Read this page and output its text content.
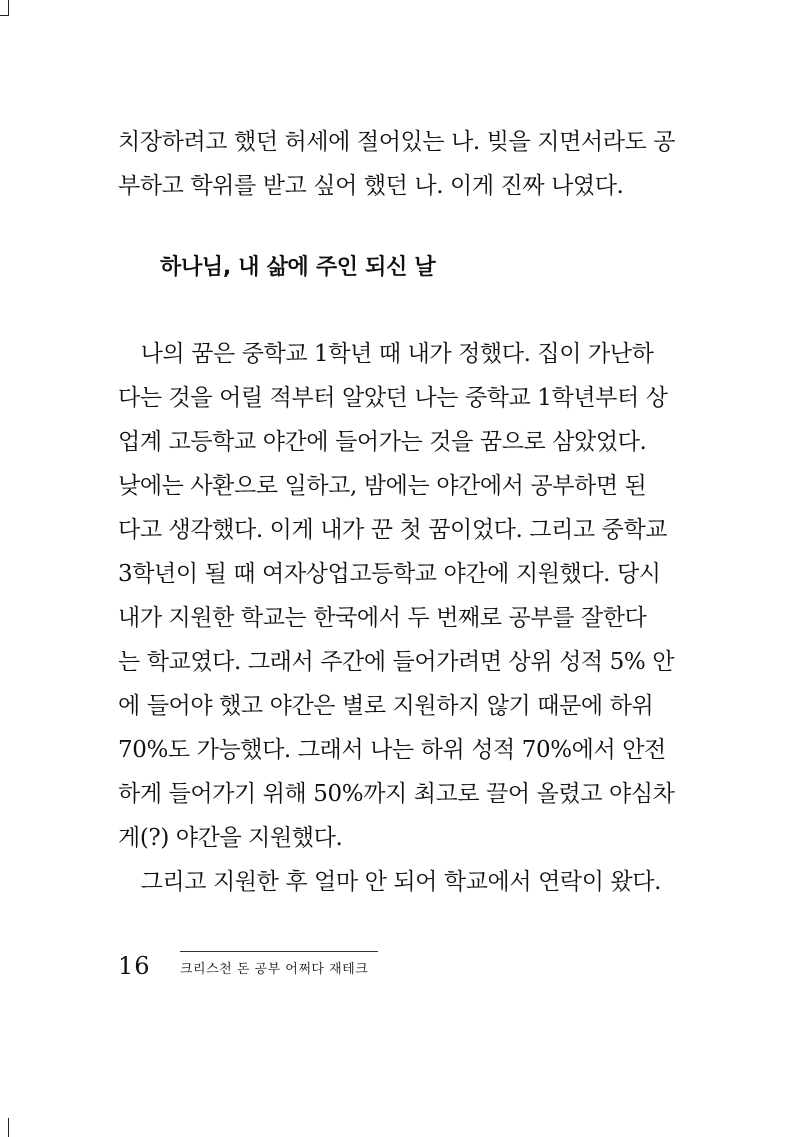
치장하려고 했던 허세에 절어있는 나. 빚을 지면서라도 공
부하고 학위를 받고 싶어 했던 나. 이게 진짜 나였다.

하나님, 내 삶에 주인 되신 날

　나의 꿈은 중학교 1학년 때 내가 정했다. 집이 가난하
다는 것을 어릴 적부터 알았던 나는 중학교 1학년부터 상
업계 고등학교 야간에 들어가는 것을 꿈으로 삼았었다.
낮에는 사환으로 일하고, 밤에는 야간에서 공부하면 된
다고 생각했다. 이게 내가 꾼 첫 꿈이었다. 그리고 중학교
3학년이 될 때 여자상업고등학교 야간에 지원했다. 당시
내가 지원한 학교는 한국에서 두 번째로 공부를 잘한다
는 학교였다. 그래서 주간에 들어가려면 상위 성적 5% 안
에 들어야 했고 야간은 별로 지원하지 않기 때문에 하위
70%도 가능했다. 그래서 나는 하위 성적 70%에서 안전
하게 들어가기 위해 50%까지 최고로 끌어 올렸고 야심차
게(?) 야간을 지원했다.
　그리고 지원한 후 얼마 안 되어 학교에서 연락이 왔다.

16 크리스천 돈 공부 어쩌다 재테크
